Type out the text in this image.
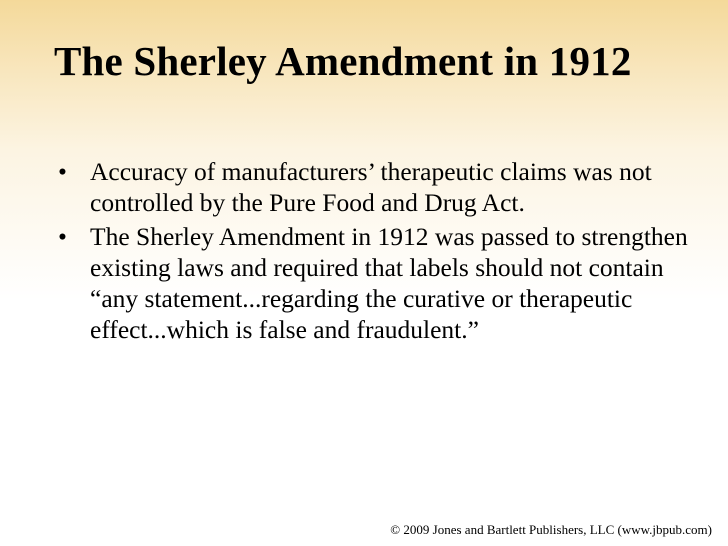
The Sherley Amendment in 1912
• Accuracy of manufacturers’ therapeutic claims was not controlled by the Pure Food and Drug Act.
• The Sherley Amendment in 1912 was passed to strengthen existing laws and required that labels should not contain “any statement...regarding the curative or therapeutic effect...which is false and fraudulent.”
© 2009 Jones and Bartlett Publishers, LLC (www.jbpub.com)
